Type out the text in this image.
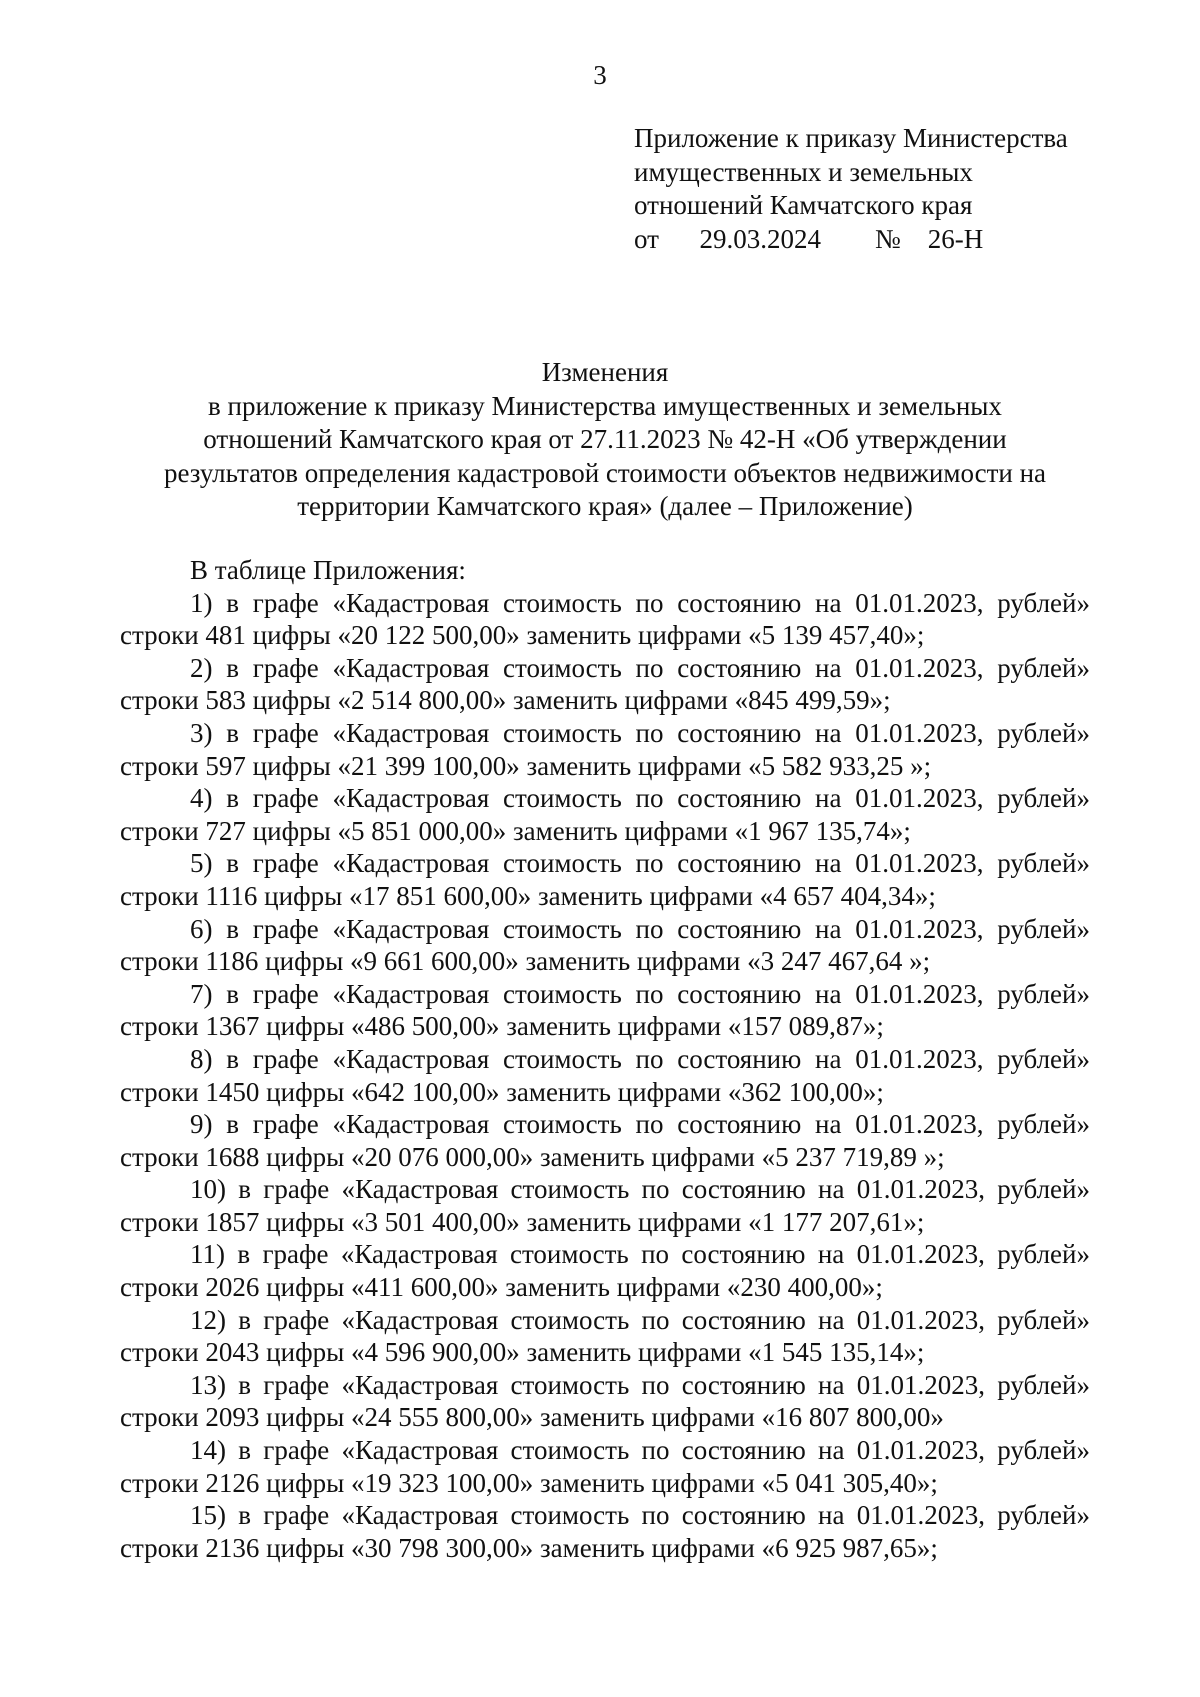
3
Приложение к приказу Министерства
имущественных и земельных
отношений Камчатского края
от      29.03.2024        №    26-Н
Изменения
в приложение к приказу Министерства имущественных и земельных
отношений Камчатского края от 27.11.2023 № 42-Н «Об утверждении
результатов определения кадастровой стоимости объектов недвижимости на
территории Камчатского края» (далее – Приложение)
В таблице Приложения:
1) в графе «Кадастровая стоимость по состоянию на 01.01.2023, рублей»
строки 481 цифры «20 122 500,00» заменить цифрами «5 139 457,40»;
2) в графе «Кадастровая стоимость по состоянию на 01.01.2023, рублей»
строки 583 цифры «2 514 800,00» заменить цифрами «845 499,59»;
3) в графе «Кадастровая стоимость по состоянию на 01.01.2023, рублей»
строки 597 цифры «21 399 100,00» заменить цифрами «5 582 933,25 »;
4) в графе «Кадастровая стоимость по состоянию на 01.01.2023, рублей»
строки 727 цифры «5 851 000,00» заменить цифрами «1 967 135,74»;
5) в графе «Кадастровая стоимость по состоянию на 01.01.2023, рублей»
строки 1116 цифры «17 851 600,00» заменить цифрами «4 657 404,34»;
6) в графе «Кадастровая стоимость по состоянию на 01.01.2023, рублей»
строки 1186 цифры «9 661 600,00» заменить цифрами «3 247 467,64 »;
7) в графе «Кадастровая стоимость по состоянию на 01.01.2023, рублей»
строки 1367 цифры «486 500,00» заменить цифрами «157 089,87»;
8) в графе «Кадастровая стоимость по состоянию на 01.01.2023, рублей»
строки 1450 цифры «642 100,00» заменить цифрами «362 100,00»;
9) в графе «Кадастровая стоимость по состоянию на 01.01.2023, рублей»
строки 1688 цифры «20 076 000,00» заменить цифрами «5 237 719,89 »;
10) в графе «Кадастровая стоимость по состоянию на 01.01.2023, рублей»
строки 1857 цифры «3 501 400,00» заменить цифрами «1 177 207,61»;
11) в графе «Кадастровая стоимость по состоянию на 01.01.2023, рублей»
строки 2026 цифры «411 600,00» заменить цифрами «230 400,00»;
12) в графе «Кадастровая стоимость по состоянию на 01.01.2023, рублей»
строки 2043 цифры «4 596 900,00» заменить цифрами «1 545 135,14»;
13) в графе «Кадастровая стоимость по состоянию на 01.01.2023, рублей»
строки 2093 цифры «24 555 800,00» заменить цифрами «16 807 800,00»
14) в графе «Кадастровая стоимость по состоянию на 01.01.2023, рублей»
строки 2126 цифры «19 323 100,00» заменить цифрами «5 041 305,40»;
15) в графе «Кадастровая стоимость по состоянию на 01.01.2023, рублей»
строки 2136 цифры «30 798 300,00» заменить цифрами «6 925 987,65»;
